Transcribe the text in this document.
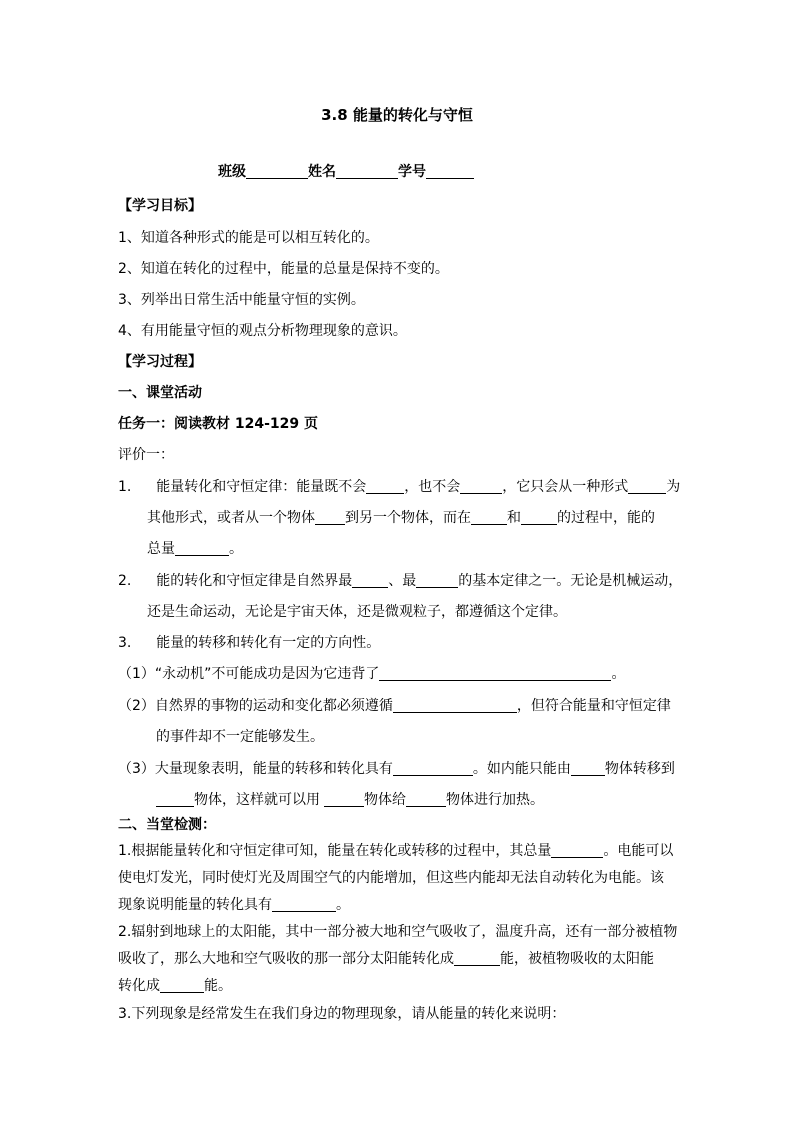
3.8 能量的转化与守恒
班级	姓名	学号
【学习目标】
1、知道各种形式的能是可以相互转化的。
2、知道在转化的过程中，能量的总量是保持不变的。
3、列举出日常生活中能量守恒的实例。
4、有用能量守恒的观点分析物理现象的意识。
【学习过程】
一、课堂活动
任务一：阅读教材 124-129 页
评价一：
1. 能量转化和守恒定律：能量既不会	，也不会	，它只会从一种形式	为
其他形式，或者从一个物体 到另一个物体，而在	和	的过程中，能的
总量	。
2. 能的转化和守恒定律是自然界最	、最	的基本定律之一。无论是机械运动，
还是生命运动，无论是宇宙天体，还是微观粒子，都遵循这个定律。
3. 能量的转移和转化有一定的方向性。
（1）“永动机”不可能成功是因为它违背了	。
（2）自然界的事物的运动和变化都必须遵循	，但符合能量和守恒定律
的事件却不一定能够发生。
（3）大量现象表明，能量的转移和转化具有	。如内能只能由 物体转移到
物体，这样就可以用	物体给	物体进行加热。
二、当堂检测：
1.根据能量转化和守恒定律可知，能量在转化或转移的过程中，其总量	。电能可以
使电灯发光，同时使灯光及周围空气的内能增加，但这些内能却无法自动转化为电能。该
现象说明能量的转化具有	。
2.辐射到地球上的太阳能，其中一部分被大地和空气吸收了，温度升高，还有一部分被植物
吸收了，那么大地和空气吸收的那一部分太阳能转化成	能，被植物吸收的太阳能
转化成	能。
3.下列现象是经常发生在我们身边的物理现象，请从能量的转化来说明：
